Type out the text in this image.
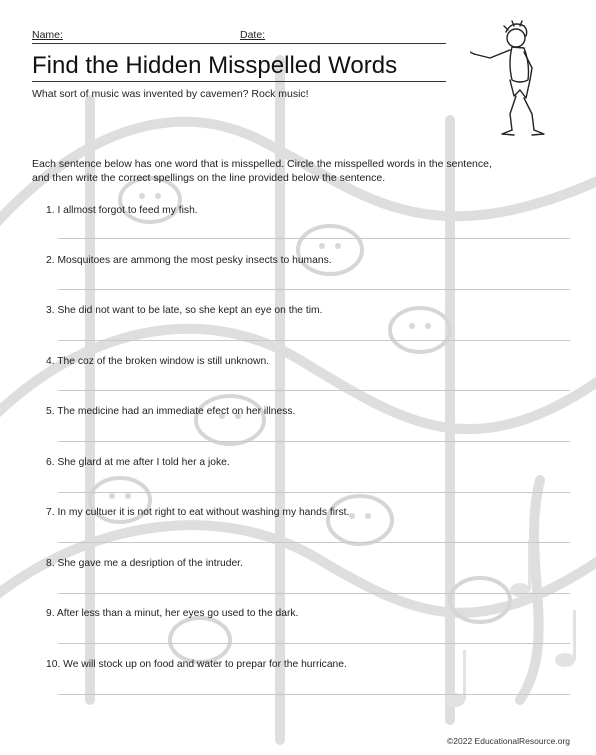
Name:	Date:
Find the Hidden Misspelled Words
What sort of music was invented by cavemen? Rock music!
Each sentence below has one word that is misspelled. Circle the misspelled words in the sentence, and then write the correct spellings on the line provided below the sentence.
1. I allmost forgot to feed my fish.
2. Mosquitoes are ammong the most pesky insects to humans.
3. She did not want to be late, so she kept an eye on the tim.
4. The coz of the broken window is still unknown.
5. The medicine had an immediate efect on her illness.
6. She glard at me after I told her a joke.
7. In my cultuer it is not right to eat without washing my hands first.
8. She gave me a desription of the intruder.
9. After less than a minut, her eyes go used to the dark.
10. We will stock up on food and water to prepar for the hurricane.
©2022 EducationalResource.org
